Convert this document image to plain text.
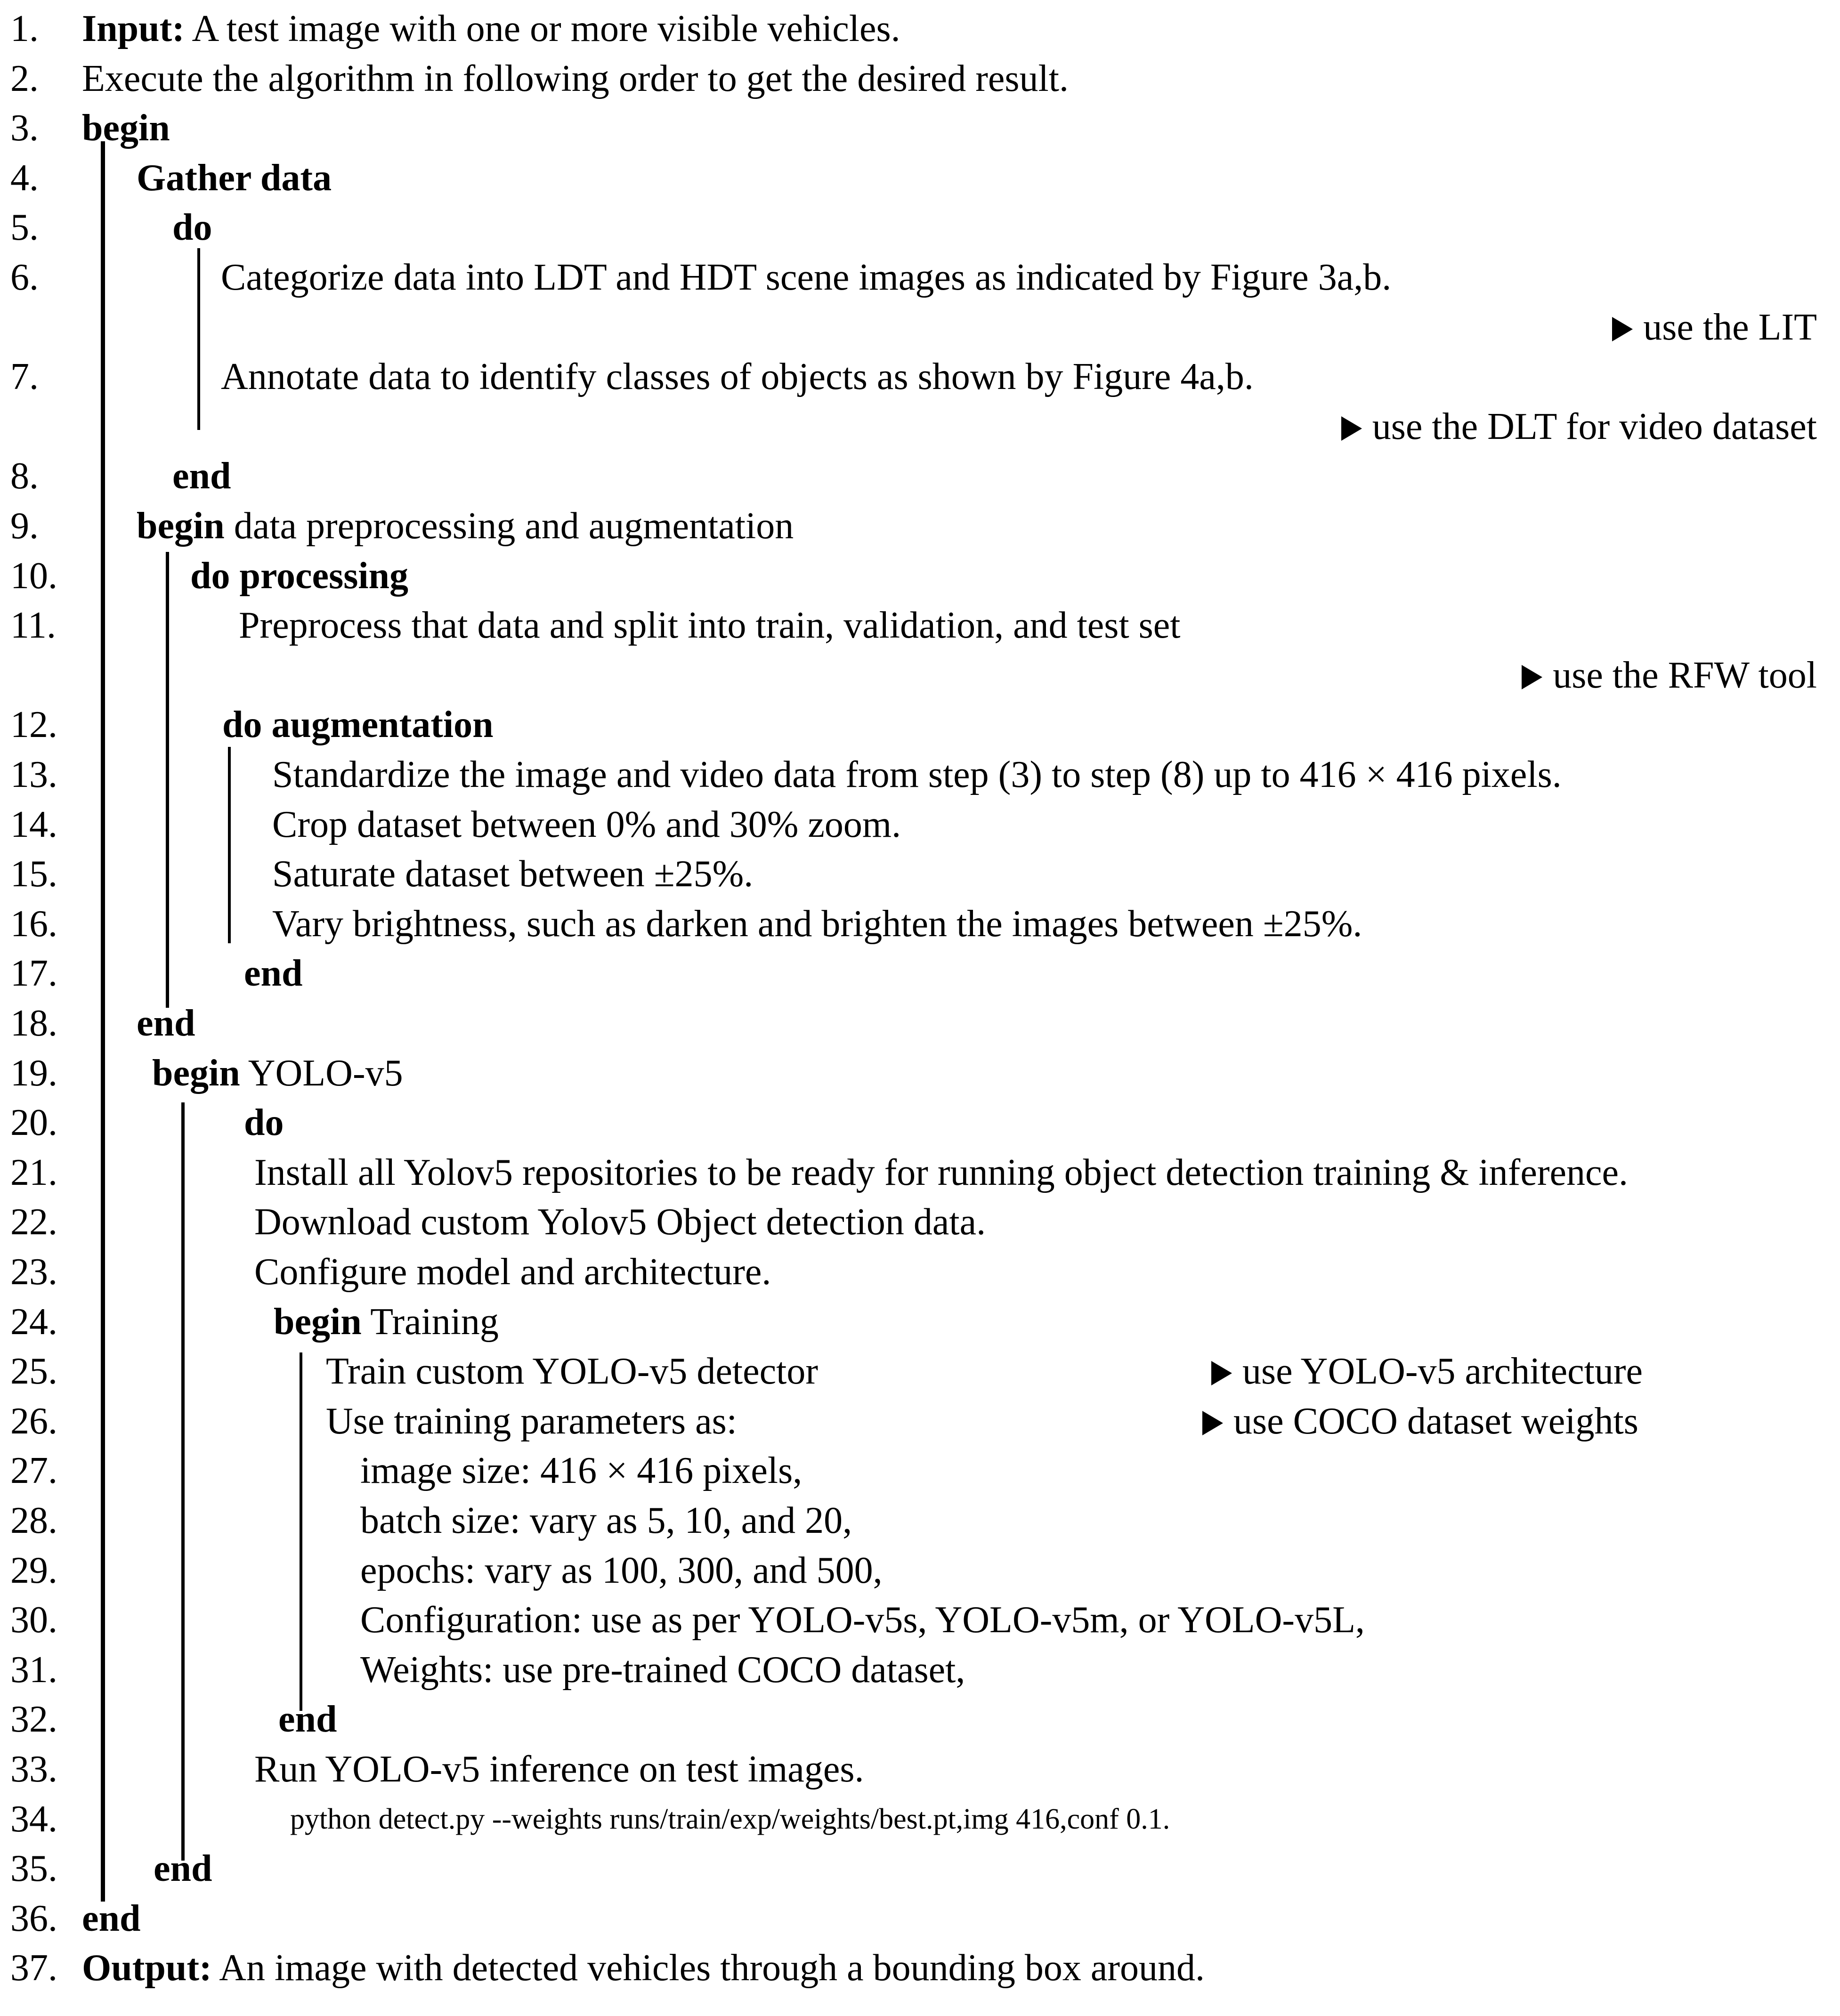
1. Input: A test image with one or more visible vehicles.
2. Execute the algorithm in following order to get the desired result.
3. begin
4.	Gather data
5.	do
6.	Categorize data into LDT and HDT scene images as indicated by Figure 3a,b.
use the LIT
7.	Annotate data to identify classes of objects as shown by Figure 4a,b.
use the DLT for video dataset
8.	end
9.	begin data preprocessing and augmentation
10.	do processing
11.	Preprocess that data and split into train, validation, and test set
use the RFW tool
12.	do augmentation
13.	Standardize the image and video data from step (3) to step (8) up to 416 × 416 pixels.
14.	Crop dataset between 0% and 30% zoom.
15.	Saturate dataset between ±25%.
16.	Vary brightness, such as darken and brighten the images between ±25%.
17.	end
18. end
19.	begin YOLO-v5
20.	do
21.	Install all Yolov5 repositories to be ready for running object detection training & inference.
22.	Download custom Yolov5 Object detection data.
23.	Configure model and architecture.
24.	begin Training
25.	Train custom YOLO-v5 detector	use YOLO-v5 architecture
26.	Use training parameters as:	use COCO dataset weights
27.	image size: 416 × 416 pixels,
28.	batch size: vary as 5, 10, and 20,
29.	epochs: vary as 100, 300, and 500,
30.	Configuration: use as per YOLO-v5s, YOLO-v5m, or YOLO-v5L,
31.	Weights: use pre-trained COCO dataset,
32.	end
33.	Run YOLO-v5 inference on test images.
34.	python detect.py --weights runs/train/exp/weights/best.pt,img 416,conf 0.1.
35.	end
36. end
37. Output: An image with detected vehicles through a bounding box around.
